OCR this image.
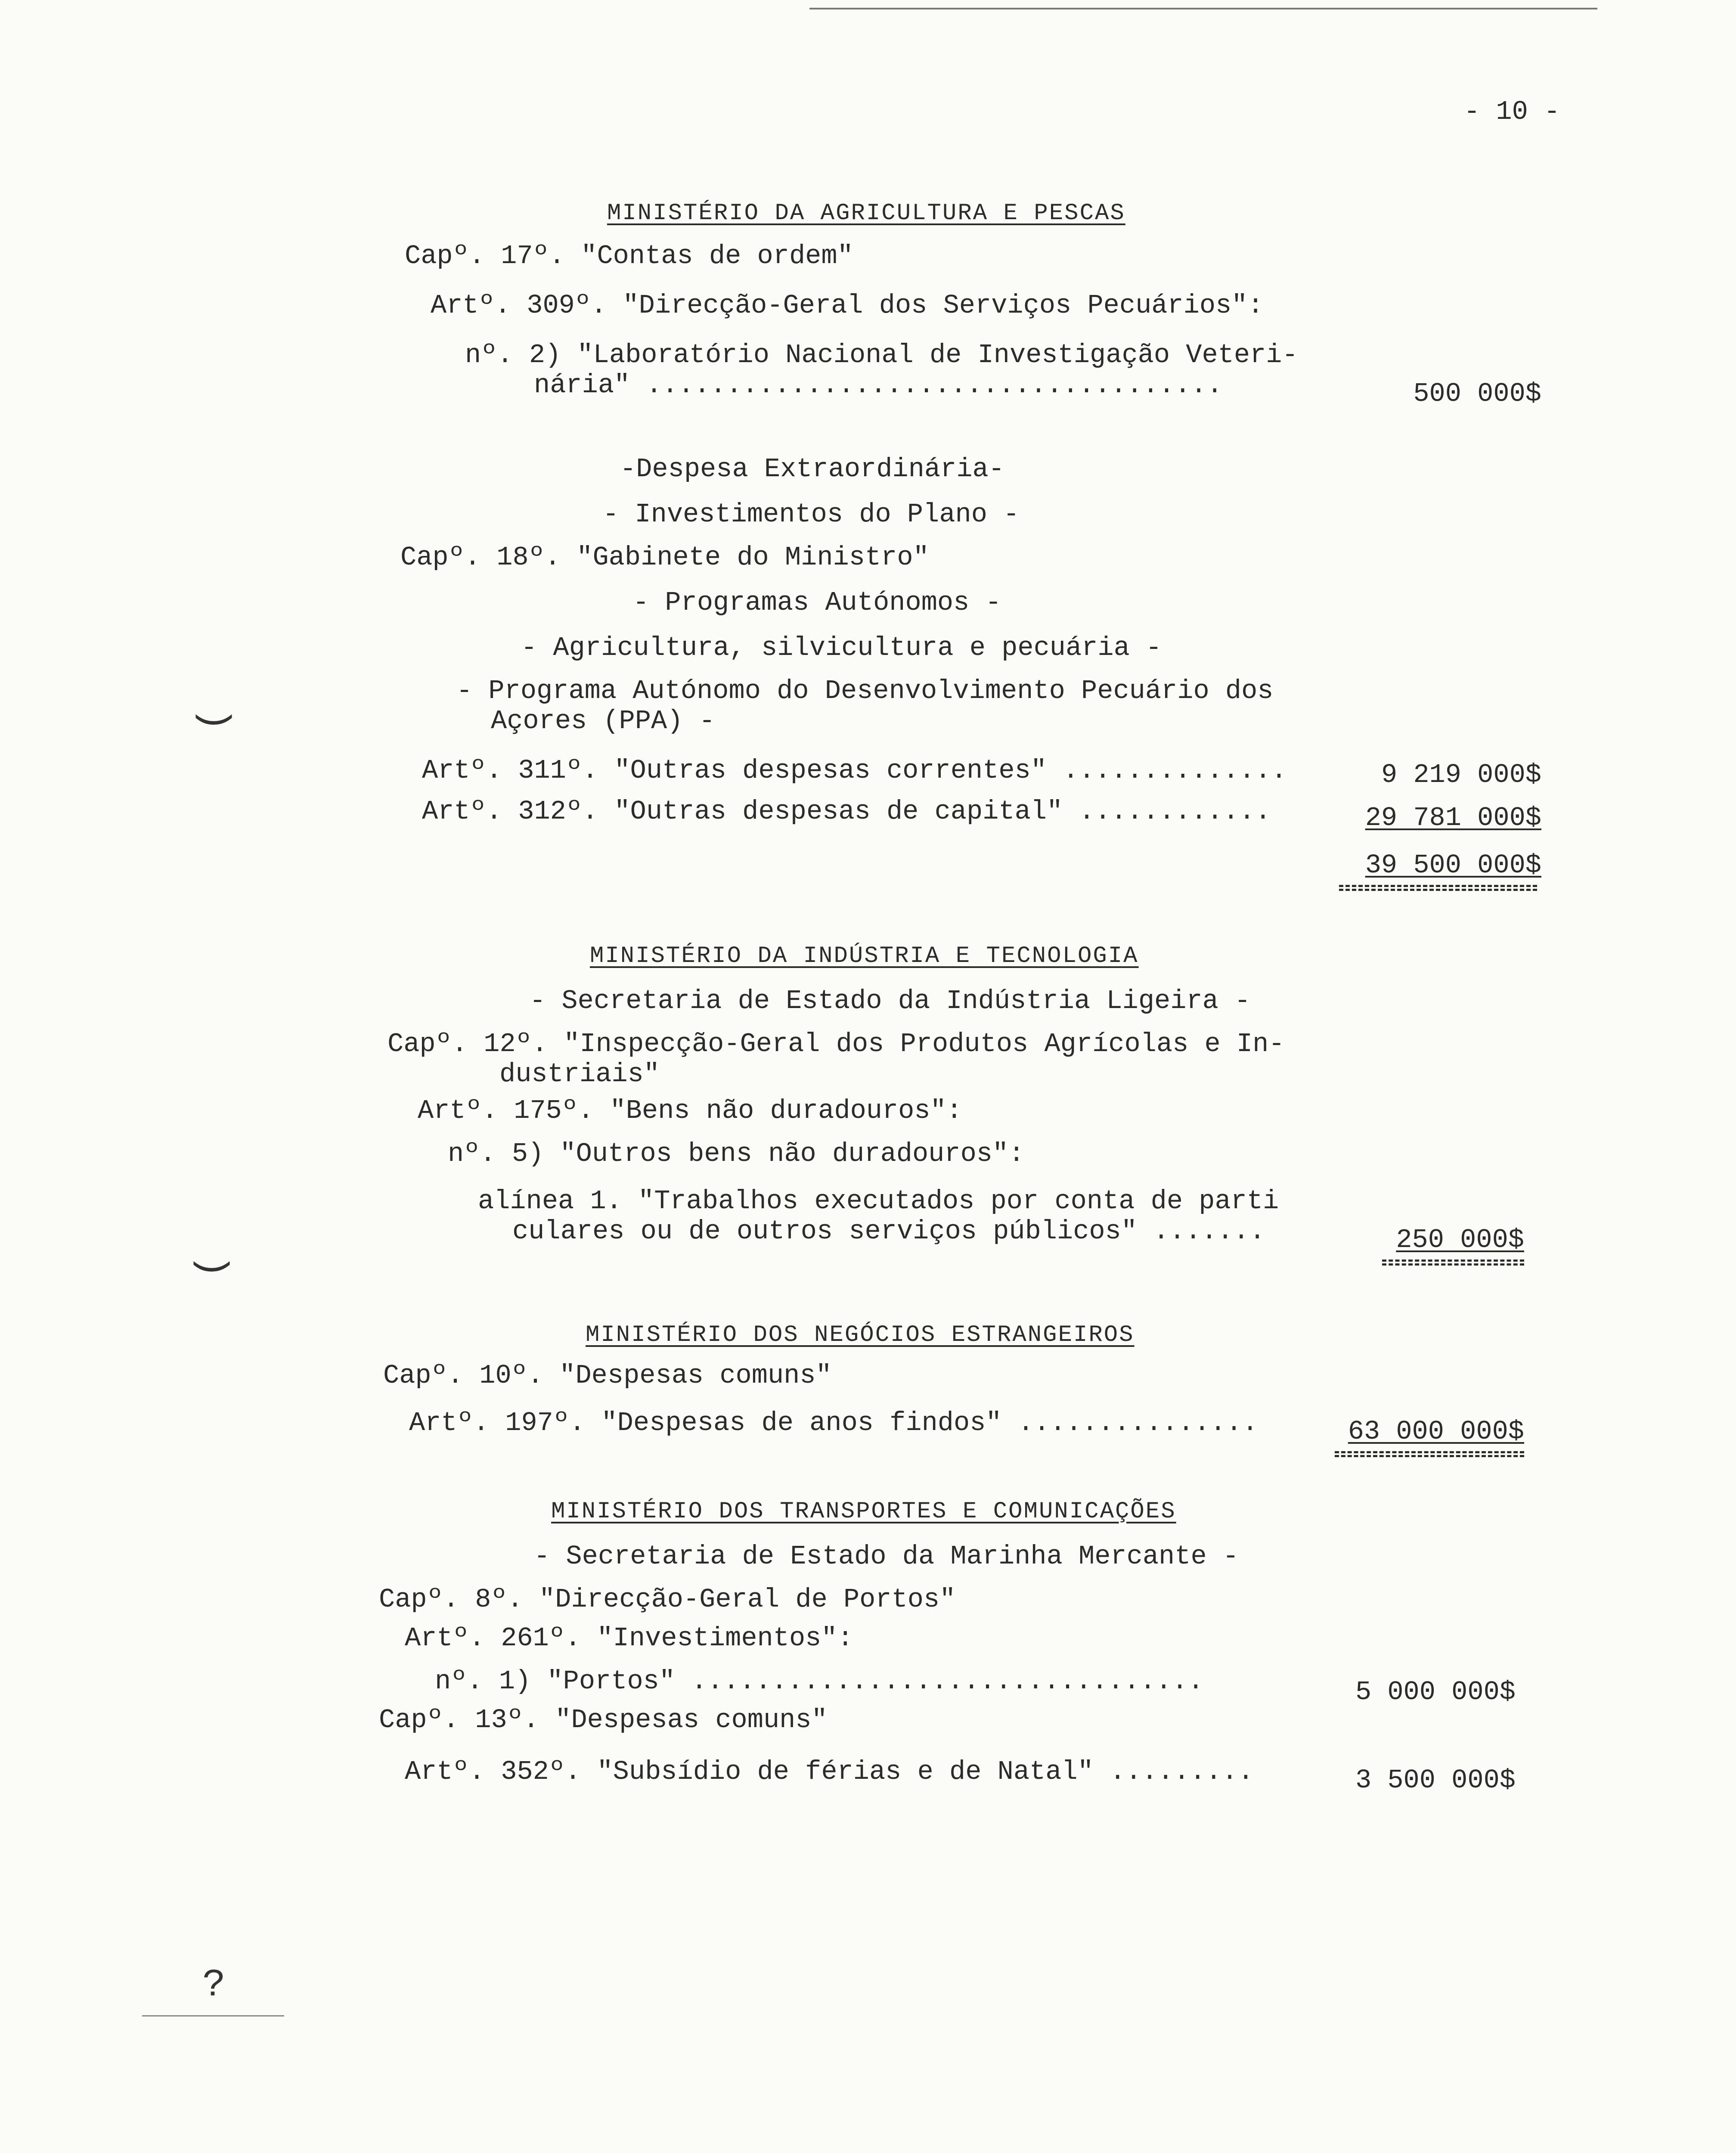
(
(
?
- 10 -
MINISTÉRIO DA AGRICULTURA E PESCAS
Capº. 17º. "Contas de ordem"
Artº. 309º. "Direcção-Geral dos Serviços Pecuários":
nº. 2) "Laboratório Nacional de Investigação Veteri-
nária" ....................................	500 000$
-Despesa Extraordinária-
- Investimentos do Plano -
Capº. 18º. "Gabinete do Ministro"
- Programas Autónomos -
- Agricultura, silvicultura e pecuária -
- Programa Autónomo do Desenvolvimento Pecuário dos
Açores (PPA) -
Artº. 311º. "Outras despesas correntes" ..............	9 219 000$
Artº. 312º. "Outras despesas de capital" ............	29 781 000$
39 500 000$
MINISTÉRIO DA INDÚSTRIA E TECNOLOGIA
- Secretaria de Estado da Indústria Ligeira -
Capº. 12º. "Inspecção-Geral dos Produtos Agrícolas e In-
dustriais"
Artº. 175º. "Bens não duradouros":
nº. 5) "Outros bens não duradouros":
alínea 1. "Trabalhos executados por conta de parti
culares ou de outros serviços públicos" .......	250 000$
MINISTÉRIO DOS NEGÓCIOS ESTRANGEIROS
Capº. 10º. "Despesas comuns"
Artº. 197º. "Despesas de anos findos" ...............	63 000 000$
MINISTÉRIO DOS TRANSPORTES E COMUNICAÇÕES
- Secretaria de Estado da Marinha Mercante -
Capº. 8º. "Direcção-Geral de Portos"
Artº. 261º. "Investimentos":
nº. 1) "Portos" ................................	5 000 000$
Capº. 13º. "Despesas comuns"
Artº. 352º. "Subsídio de férias e de Natal" .........	3 500 000$
